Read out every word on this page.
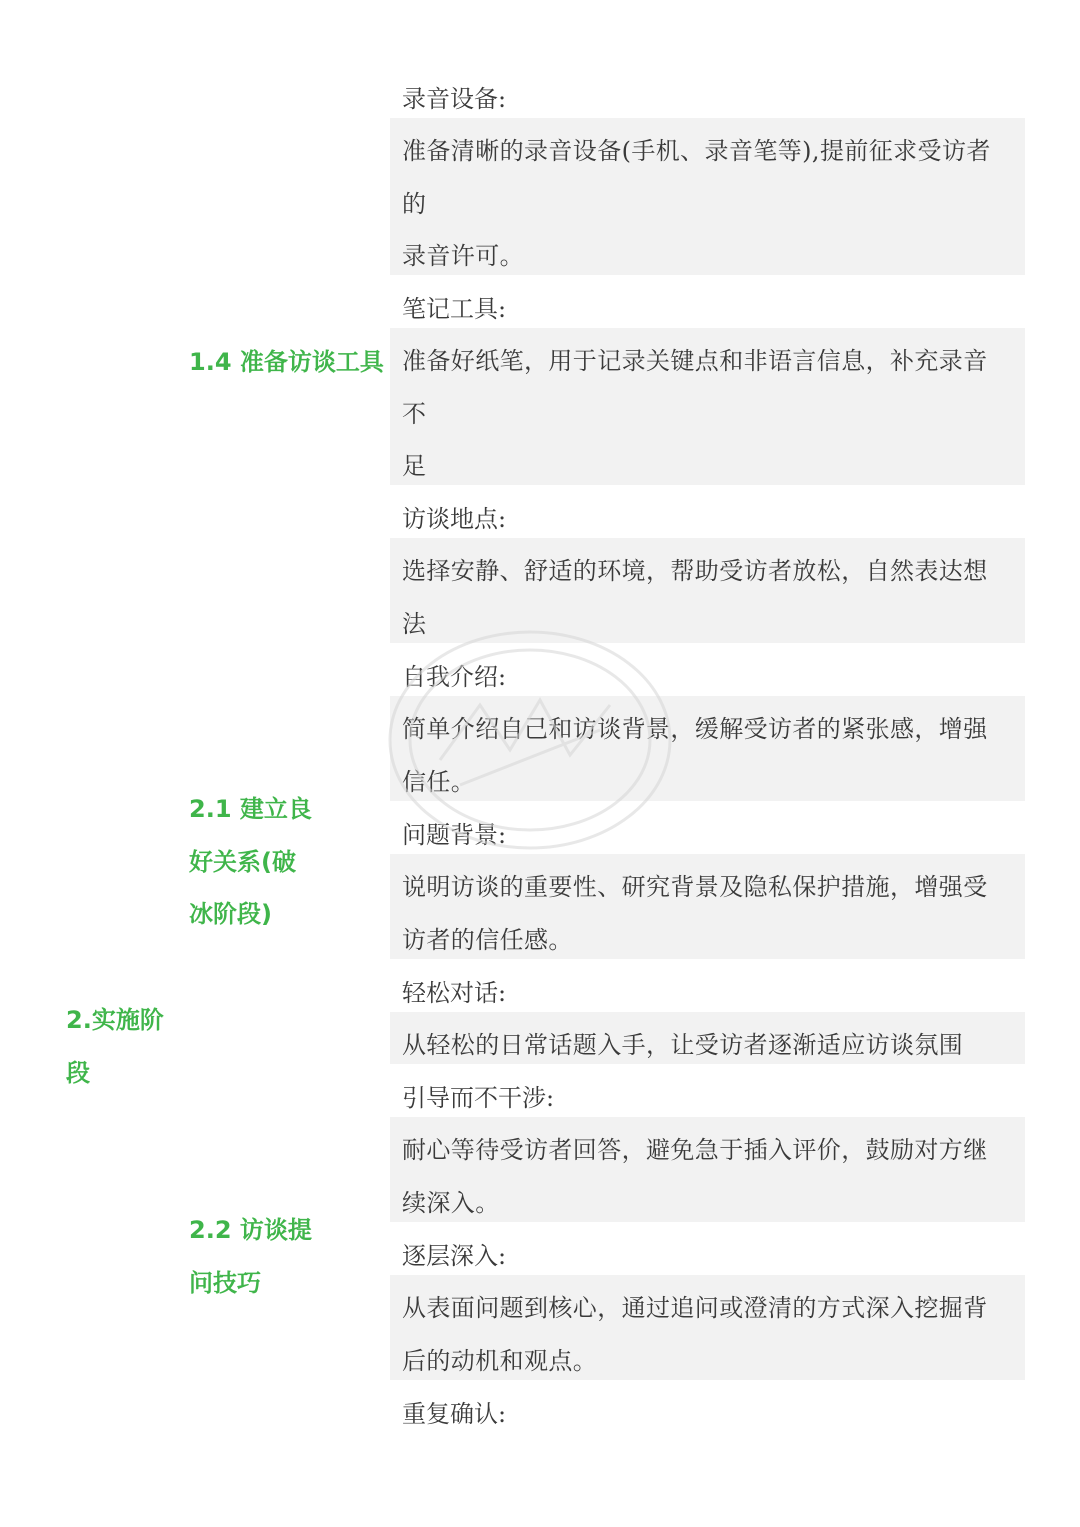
2.实施阶
段
1.4 准备访谈工具
2.1 建立良
好关系(破
冰阶段)
2.2 访谈提
问技巧
录音设备:
准备清晰的录音设备(手机、录音笔等),提前征求受访者
的
录音许可。
笔记工具:
准备好纸笔，用于记录关键点和非语言信息，补充录音
不
足
访谈地点:
选择安静、舒适的环境，帮助受访者放松，自然表达想
法
自我介绍:
简单介绍自己和访谈背景，缓解受访者的紧张感，增强
信任。
问题背景:
说明访谈的重要性、研究背景及隐私保护措施，增强受
访者的信任感。
轻松对话:
从轻松的日常话题入手，让受访者逐渐适应访谈氛围
引导而不干涉:
耐心等待受访者回答，避免急于插入评价，鼓励对方继
续深入。
逐层深入:
从表面问题到核心，通过追问或澄清的方式深入挖掘背
后的动机和观点。
重复确认:
